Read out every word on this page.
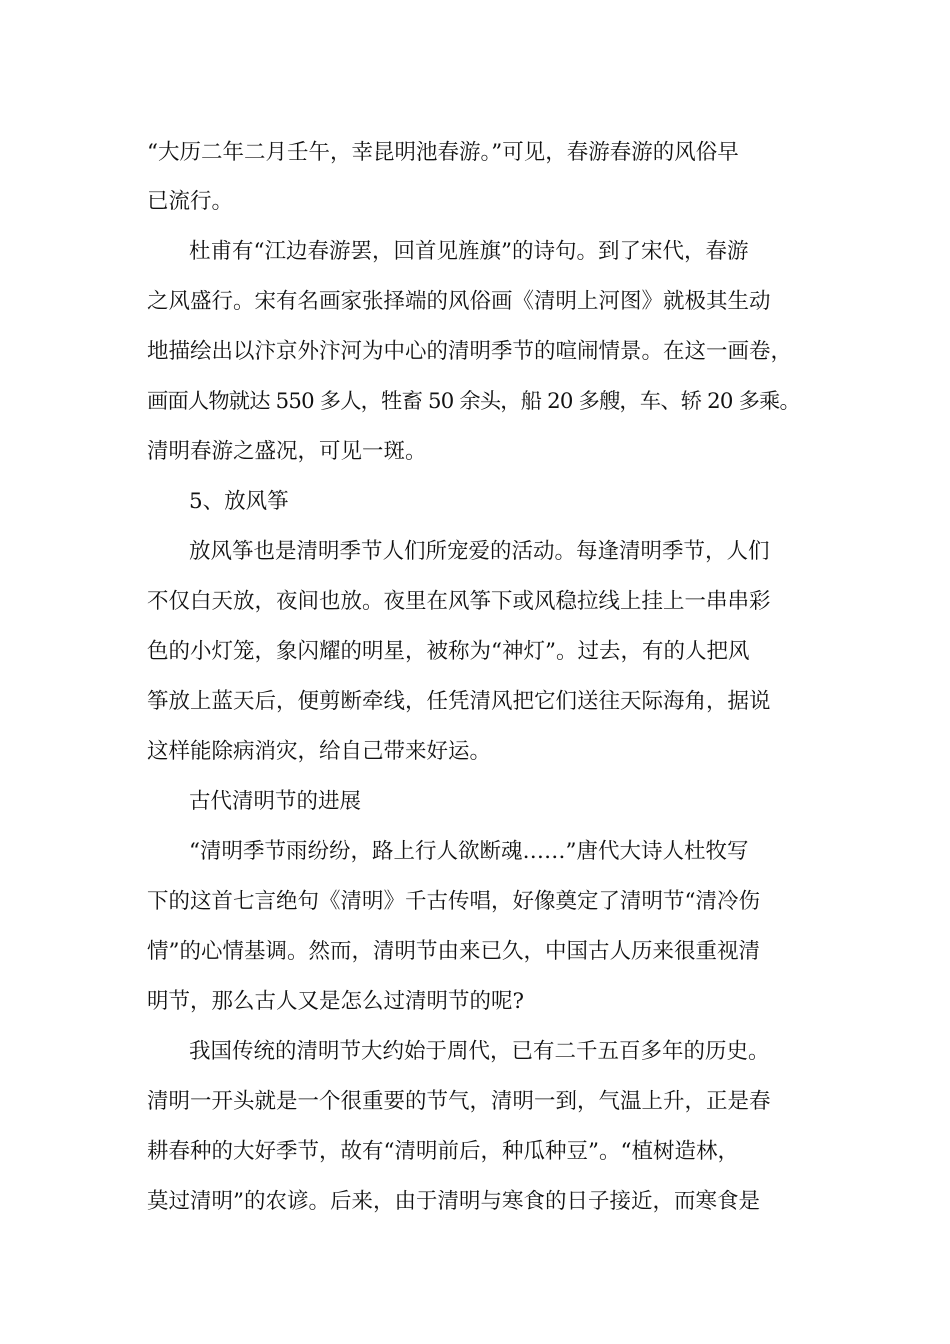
“大历二年二月壬午，幸昆明池春游。”可见，春游春游的风俗早
已流行。
杜甫有“江边春游罢，回首见旌旗”的诗句。到了宋代，春游
之风盛行。宋有名画家张择端的风俗画《清明上河图》就极其生动
地描绘出以汴京外汴河为中心的清明季节的喧闹情景。在这一画卷，
画面人物就达 550 多人，牲畜 50 余头，船 20 多艘，车、轿 20 多乘。
清明春游之盛况，可见一斑。
5、放风筝
放风筝也是清明季节人们所宠爱的活动。每逢清明季节，人们
不仅白天放，夜间也放。夜里在风筝下或风稳拉线上挂上一串串彩
色的小灯笼，象闪耀的明星，被称为“神灯”。过去，有的人把风
筝放上蓝天后，便剪断牵线，任凭清风把它们送往天际海角，据说
这样能除病消灾，给自己带来好运。
古代清明节的进展
“清明季节雨纷纷，路上行人欲断魂……”唐代大诗人杜牧写
下的这首七言绝句《清明》千古传唱，好像奠定了清明节“清冷伤
情”的心情基调。然而，清明节由来已久，中国古人历来很重视清
明节，那么古人又是怎么过清明节的呢?
我国传统的清明节大约始于周代，已有二千五百多年的历史。
清明一开头就是一个很重要的节气，清明一到，气温上升，正是春
耕春种的大好季节，故有“清明前后，种瓜种豆”。“植树造林，
莫过清明”的农谚。后来，由于清明与寒食的日子接近，而寒食是
